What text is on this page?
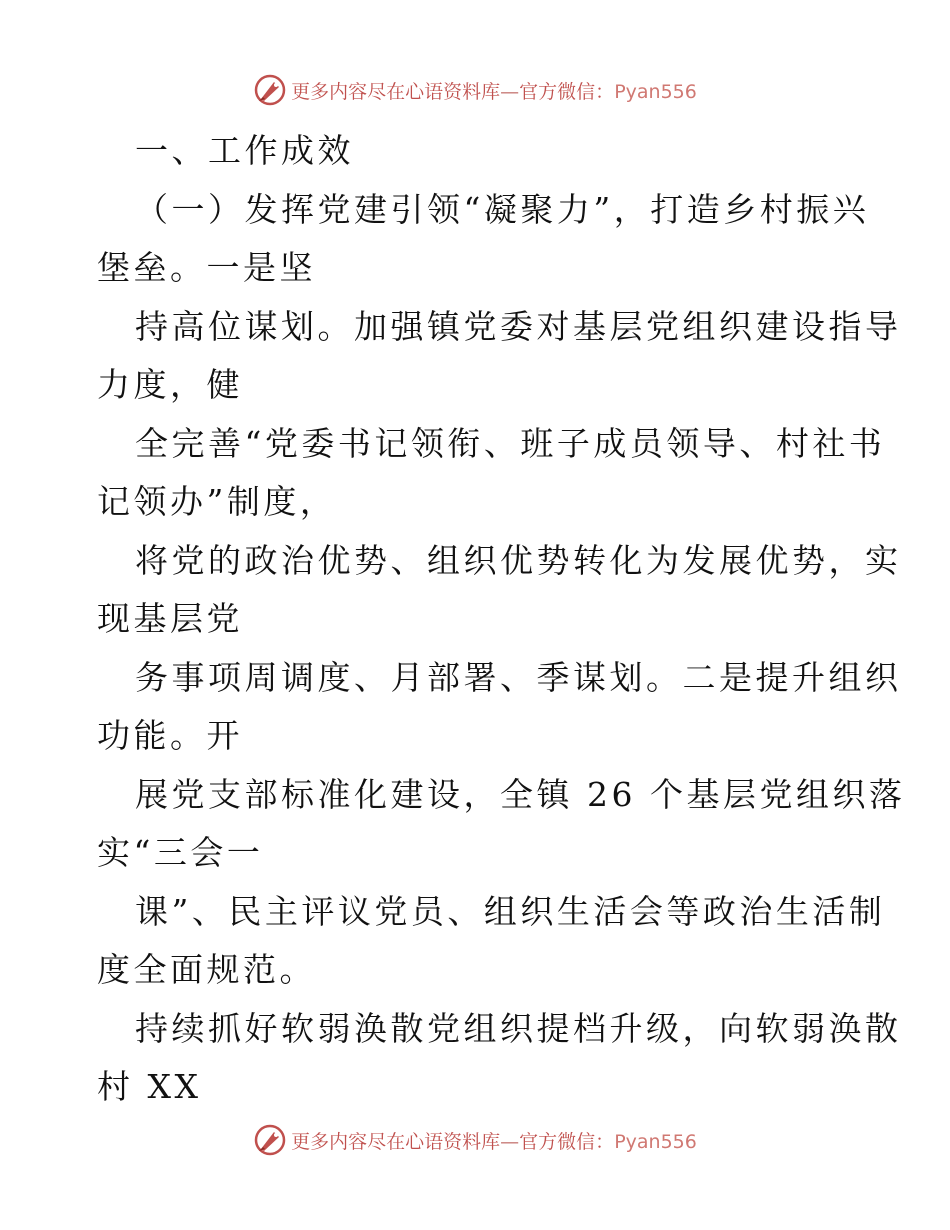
更多内容尽在心语资料库—官方微信：Pyan556
一、工作成效
（一）发挥党建引领“凝聚力”，打造乡村振兴
堡垒。一是坚
持高位谋划。加强镇党委对基层党组织建设指导
力度，健
全完善“党委书记领衔、班子成员领导、村社书
记领办”制度，
将党的政治优势、组织优势转化为发展优势，实
现基层党
务事项周调度、月部署、季谋划。二是提升组织
功能。开
展党支部标准化建设，全镇 26 个基层党组织落
实“三会一
课”、民主评议党员、组织生活会等政治生活制
度全面规范。
持续抓好软弱涣散党组织提档升级，向软弱涣散
村 XX
更多内容尽在心语资料库—官方微信：Pyan556
